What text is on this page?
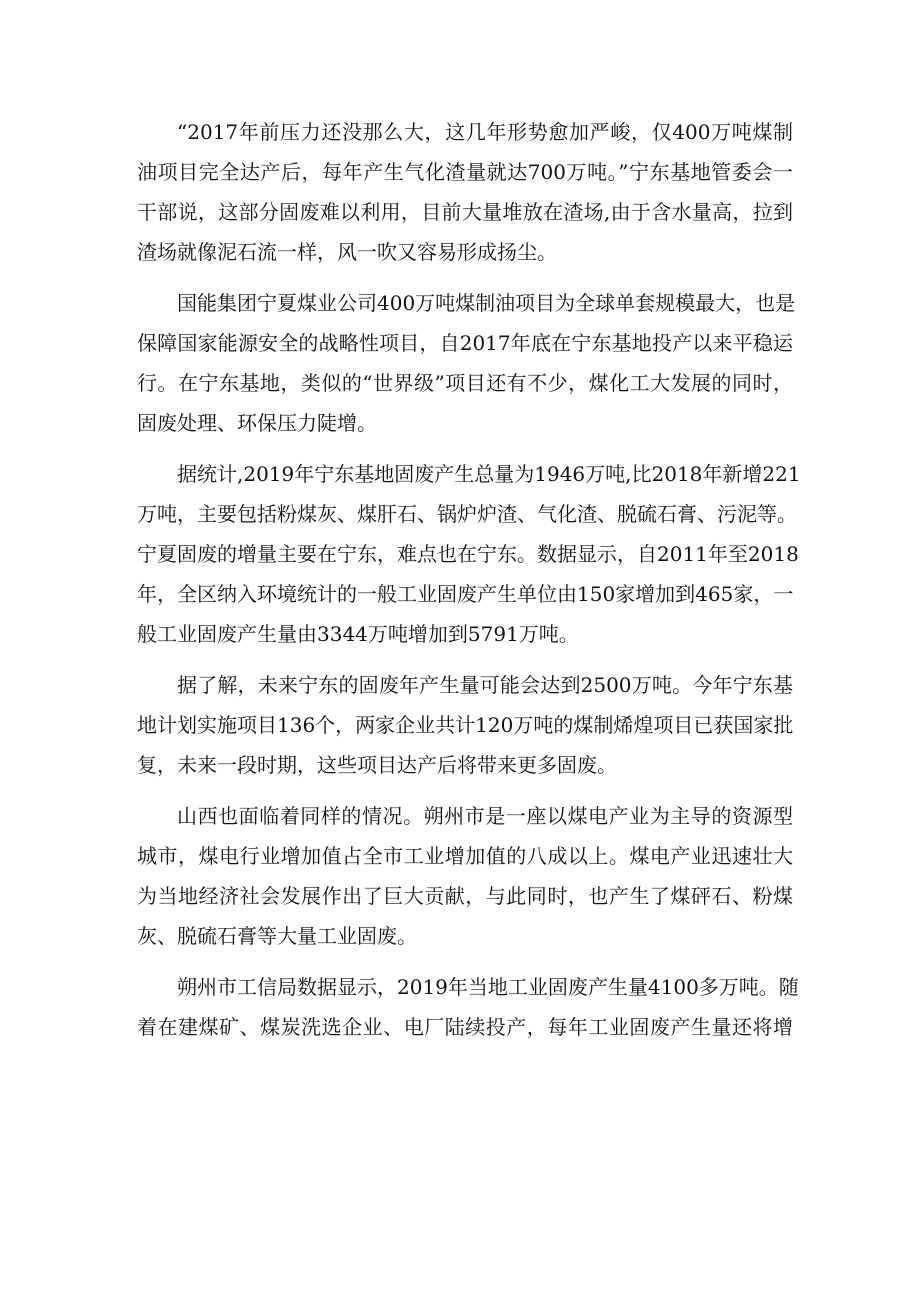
“2017年前压力还没那么大，这几年形势愈加严峻，仅400万吨煤制
油项目完全达产后，每年产生气化渣量就达700万吨。”宁东基地管委会一
干部说，这部分固废难以利用，目前大量堆放在渣场,由于含水量高，拉到
渣场就像泥石流一样，风一吹又容易形成扬尘。
国能集团宁夏煤业公司400万吨煤制油项目为全球单套规模最大，也是
保障国家能源安全的战略性项目，自2017年底在宁东基地投产以来平稳运
行。在宁东基地，类似的“世界级”项目还有不少，煤化工大发展的同时，
固废处理、环保压力陡增。
据统计,2019年宁东基地固废产生总量为1946万吨,比2018年新增221
万吨，主要包括粉煤灰、煤肝石、锅炉炉渣、气化渣、脱硫石膏、污泥等。
宁夏固废的增量主要在宁东，难点也在宁东。数据显示，自2011年至2018
年，全区纳入环境统计的一般工业固废产生单位由150家增加到465家，一
般工业固废产生量由3344万吨增加到5791万吨。
据了解，未来宁东的固废年产生量可能会达到2500万吨。今年宁东基
地计划实施项目136个，两家企业共计120万吨的煤制烯煌项目已获国家批
复，未来一段时期，这些项目达产后将带来更多固废。
山西也面临着同样的情况。朔州市是一座以煤电产业为主导的资源型
城市，煤电行业增加值占全市工业增加值的八成以上。煤电产业迅速壮大
为当地经济社会发展作出了巨大贡献，与此同时，也产生了煤砰石、粉煤
灰、脱硫石膏等大量工业固废。
朔州市工信局数据显示，2019年当地工业固废产生量4100多万吨。随
着在建煤矿、煤炭洗选企业、电厂陆续投产，每年工业固废产生量还将增
